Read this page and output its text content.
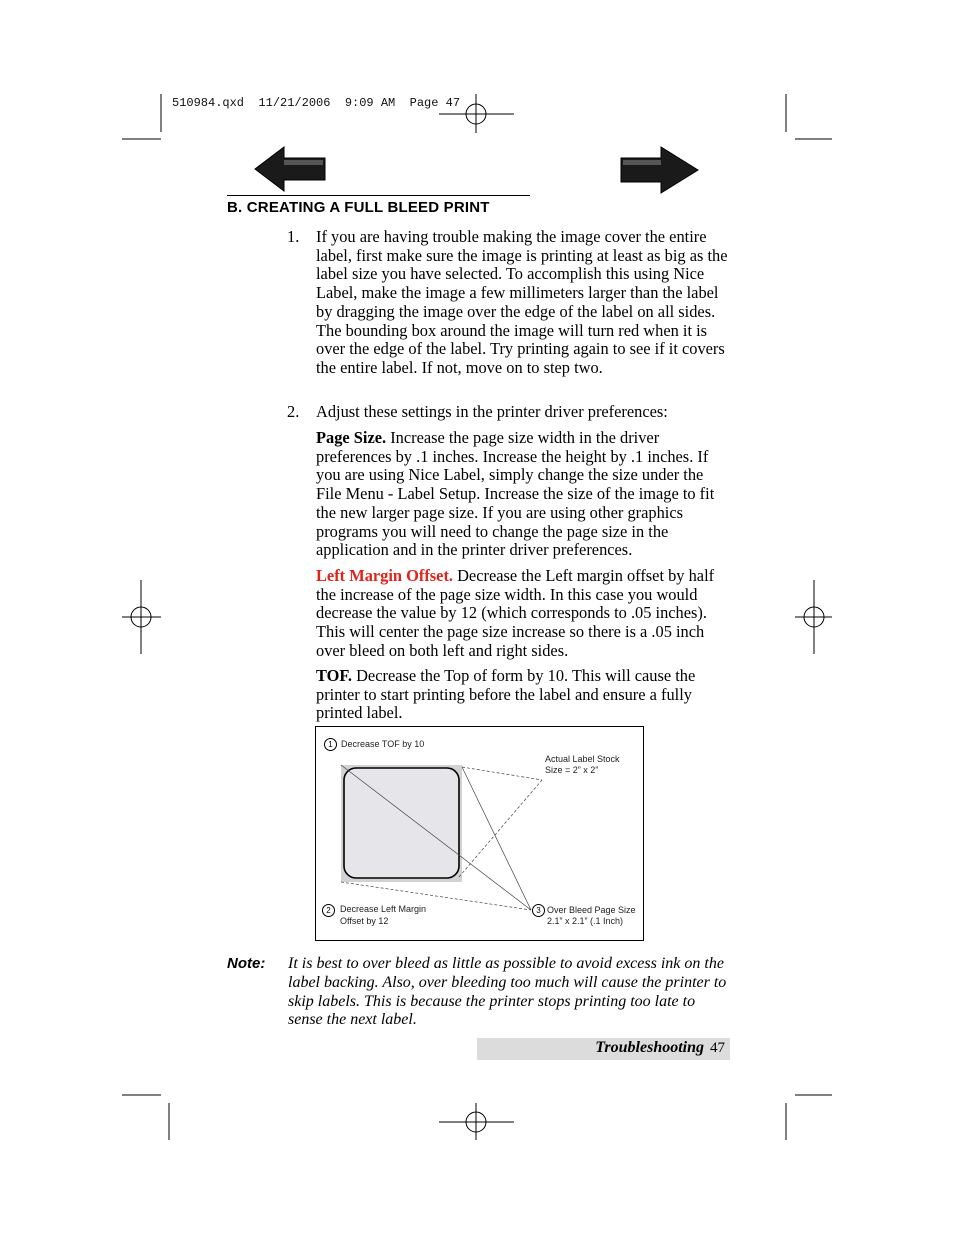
510984.qxd  11/21/2006  9:09 AM  Page 47
B. CREATING A FULL BLEED PRINT
1. If you are having trouble making the image cover the entire label, first make sure the image is printing at least as big as the label size you have selected. To accomplish this using Nice Label, make the image a few millimeters larger than the label by dragging the image over the edge of the label on all sides. The bounding box around the image will turn red when it is over the edge of the label. Try printing again to see if it covers the entire label. If not, move on to step two.
2. Adjust these settings in the printer driver preferences:
Page Size. Increase the page size width in the driver preferences by .1 inches. Increase the height by .1 inches. If you are using Nice Label, simply change the size under the File Menu - Label Setup. Increase the size of the image to fit the new larger page size. If you are using other graphics programs you will need to change the page size in the application and in the printer driver preferences.
Left Margin Offset. Decrease the Left margin offset by half the increase of the page size width. In this case you would decrease the value by 12 (which corresponds to .05 inches). This will center the page size increase so there is a .05 inch over bleed on both left and right sides.
TOF. Decrease the Top of form by 10. This will cause the printer to start printing before the label and ensure a fully printed label.
1 Decrease TOF by 10
Actual Label Stock
Size = 2” x 2”
2	Decrease Left Margin
Offset by 12
3 Over Bleed Page Size
2.1” x 2.1” (.1 Inch)
Note: It is best to over bleed as little as possible to avoid excess ink on the label backing. Also, over bleeding too much will cause the printer to skip labels. This is because the printer stops printing too late to sense the next label.
Troubleshooting 47
